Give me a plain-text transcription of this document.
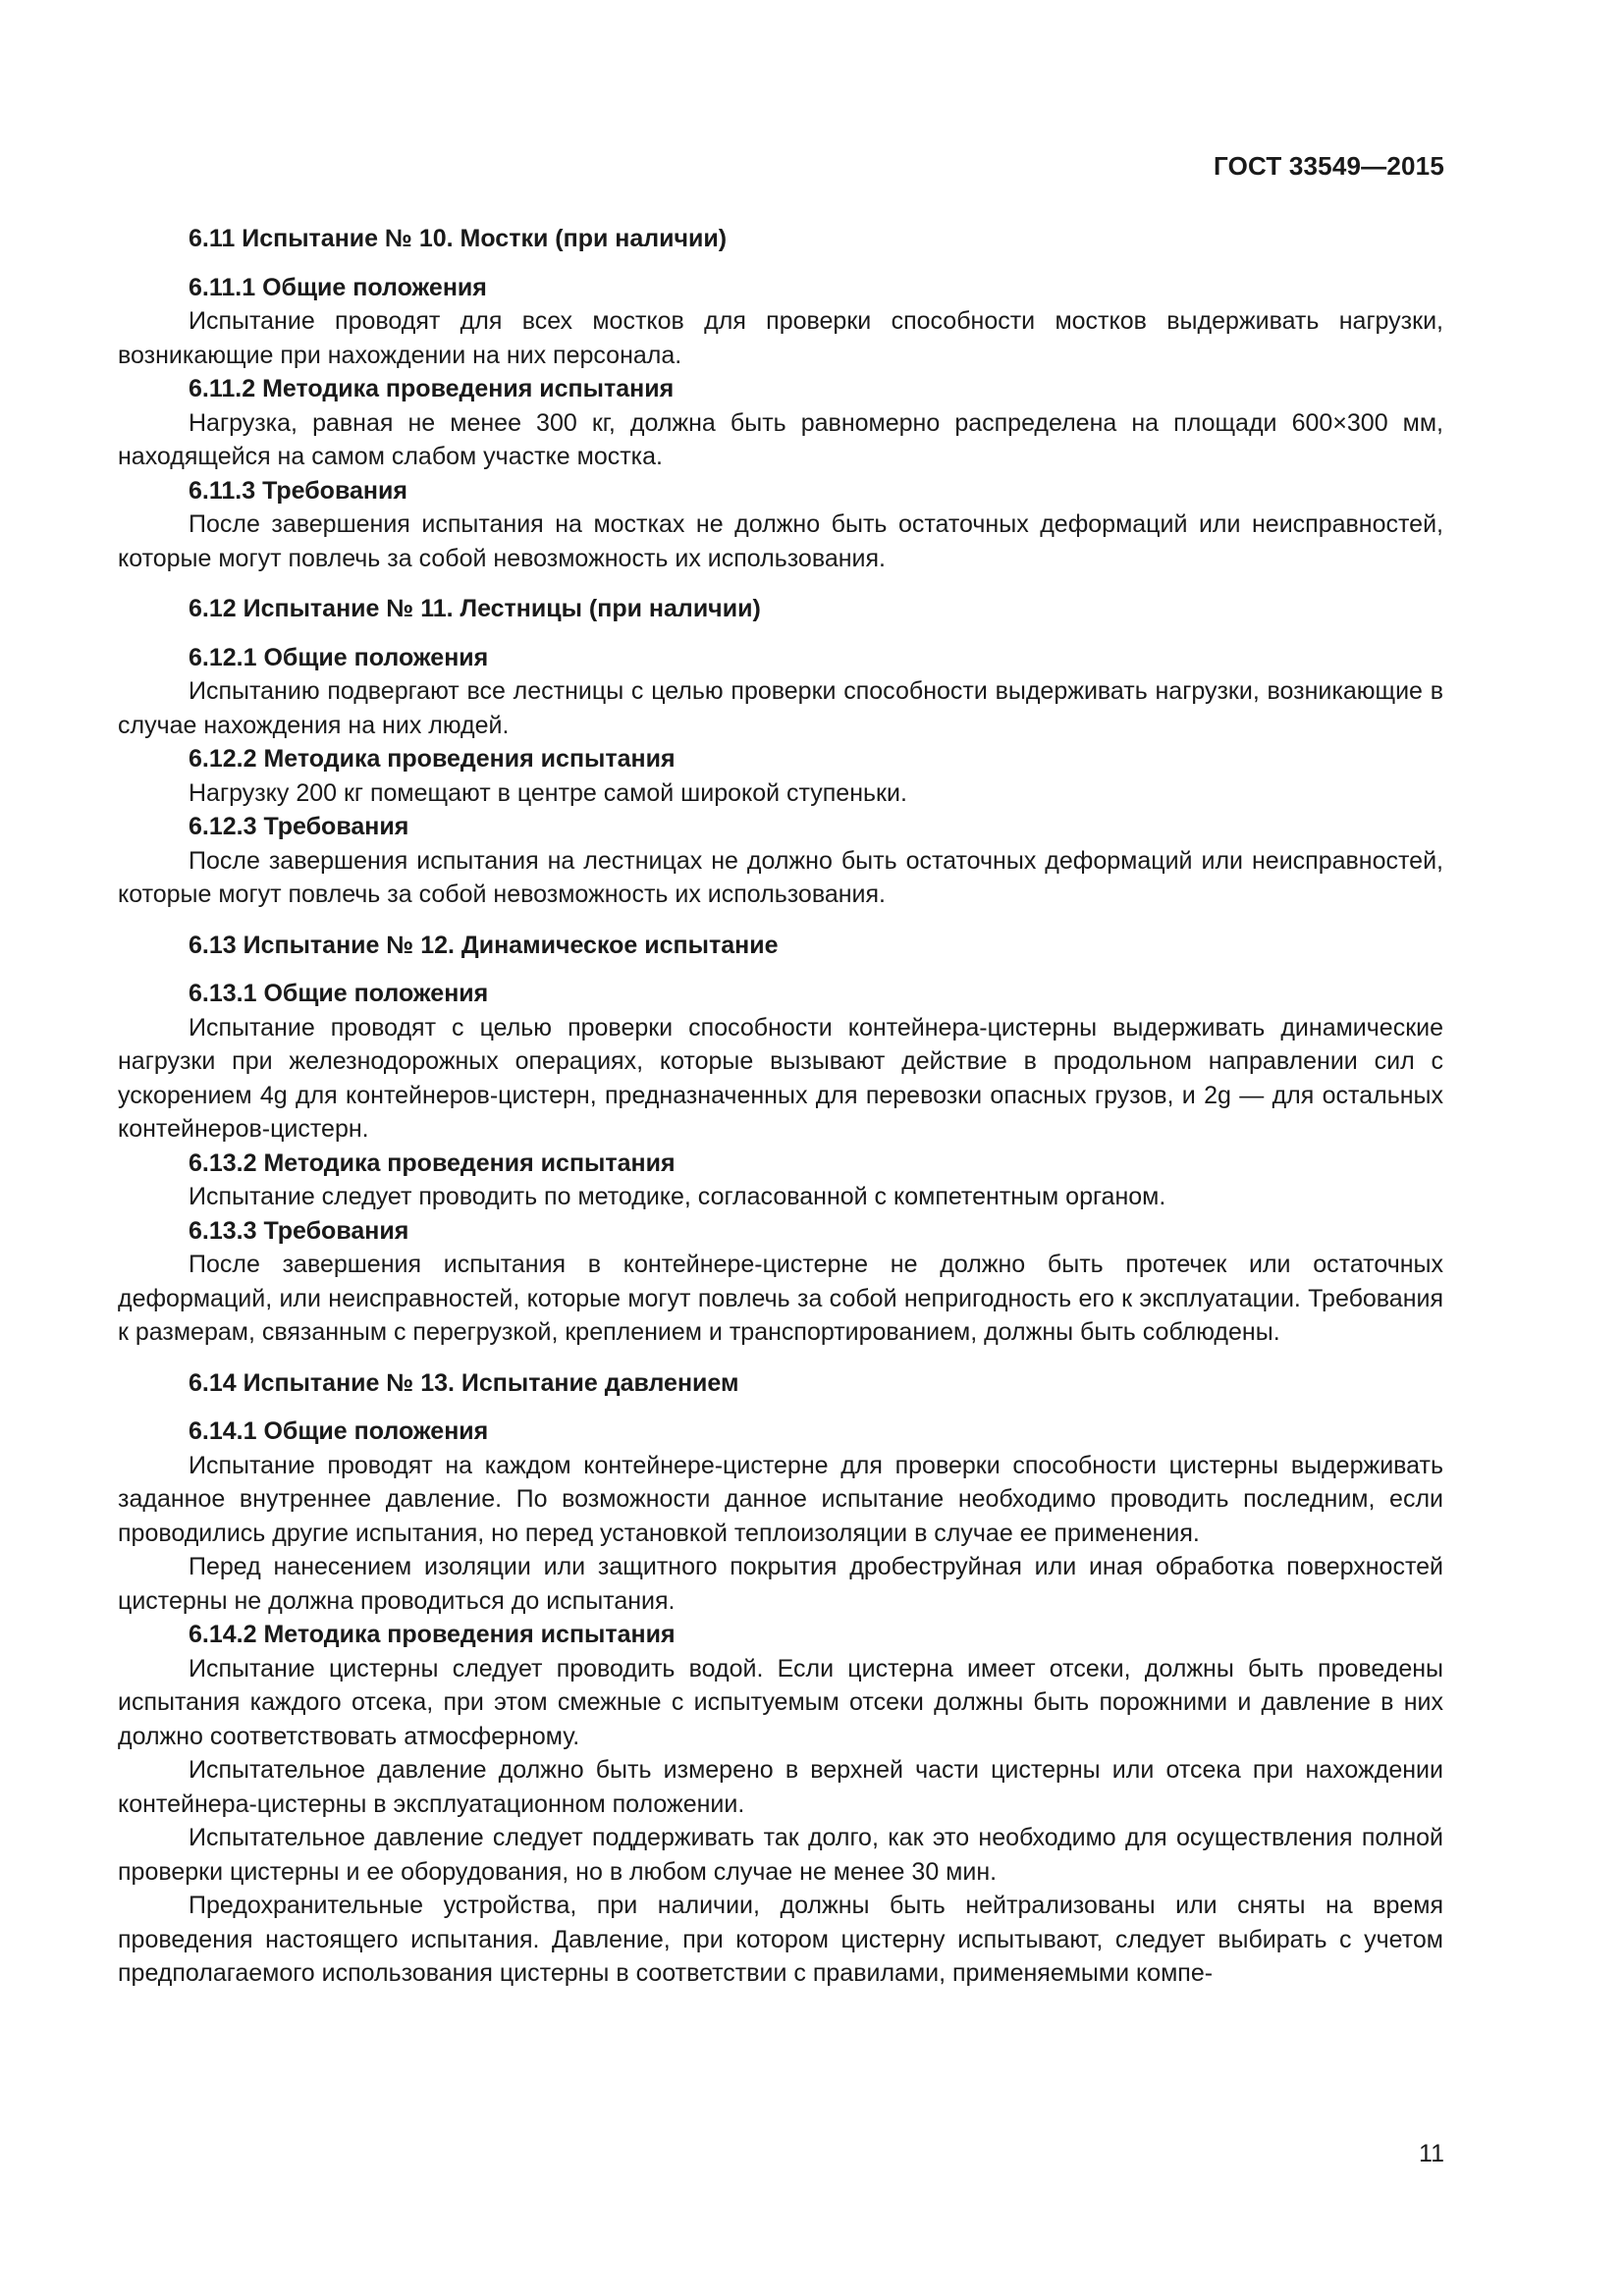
ГОСТ 33549—2015
6.11 Испытание № 10. Мостки (при наличии)
6.11.1 Общие положения

Испытание проводят для всех мостков для проверки способности мостков выдерживать нагрузки, возникающие при нахождении на них персонала.

6.11.2 Методика проведения испытания

Нагрузка, равная не менее 300 кг, должна быть равномерно распределена на площади 600×300 мм, находящейся на самом слабом участке мостка.

6.11.3 Требования

После завершения испытания на мостках не должно быть остаточных деформаций или неисправностей, которые могут повлечь за собой невозможность их использования.

6.12 Испытание № 11. Лестницы (при наличии)
6.12.1 Общие положения

Испытанию подвергают все лестницы с целью проверки способности выдерживать нагрузки, возникающие в случае нахождения на них людей.

6.12.2 Методика проведения испытания

Нагрузку 200 кг помещают в центре самой широкой ступеньки.

6.12.3 Требования

После завершения испытания на лестницах не должно быть остаточных деформаций или неисправностей, которые могут повлечь за собой невозможность их использования.

6.13 Испытание № 12. Динамическое испытание
6.13.1 Общие положения

Испытание проводят с целью проверки способности контейнера-цистерны выдерживать динамические нагрузки при железнодорожных операциях, которые вызывают действие в продольном направлении сил с ускорением 4g для контейнеров-цистерн, предназначенных для перевозки опасных грузов, и 2g — для остальных контейнеров-цистерн.

6.13.2 Методика проведения испытания

Испытание следует проводить по методике, согласованной с компетентным органом.

6.13.3 Требования

После завершения испытания в контейнере-цистерне не должно быть протечек или остаточных деформаций, или неисправностей, которые могут повлечь за собой непригодность его к эксплуатации. Требования к размерам, связанным с перегрузкой, креплением и транспортированием, должны быть соблюдены.

6.14 Испытание № 13. Испытание давлением
6.14.1 Общие положения

Испытание проводят на каждом контейнере-цистерне для проверки способности цистерны выдерживать заданное внутреннее давление. По возможности данное испытание необходимо проводить последним, если проводились другие испытания, но перед установкой теплоизоляции в случае ее применения.

Перед нанесением изоляции или защитного покрытия дробеструйная или иная обработка поверхностей цистерны не должна проводиться до испытания.

6.14.2 Методика проведения испытания

Испытание цистерны следует проводить водой. Если цистерна имеет отсеки, должны быть проведены испытания каждого отсека, при этом смежные с испытуемым отсеки должны быть порожними и давление в них должно соответствовать атмосферному.

Испытательное давление должно быть измерено в верхней части цистерны или отсека при нахождении контейнера-цистерны в эксплуатационном положении.

Испытательное давление следует поддерживать так долго, как это необходимо для осуществления полной проверки цистерны и ее оборудования, но в любом случае не менее 30 мин.

Предохранительные устройства, при наличии, должны быть нейтрализованы или сняты на время проведения настоящего испытания. Давление, при котором цистерну испытывают, следует выбирать с учетом предполагаемого использования цистерны в соответствии с правилами, применяемыми компе-

11
